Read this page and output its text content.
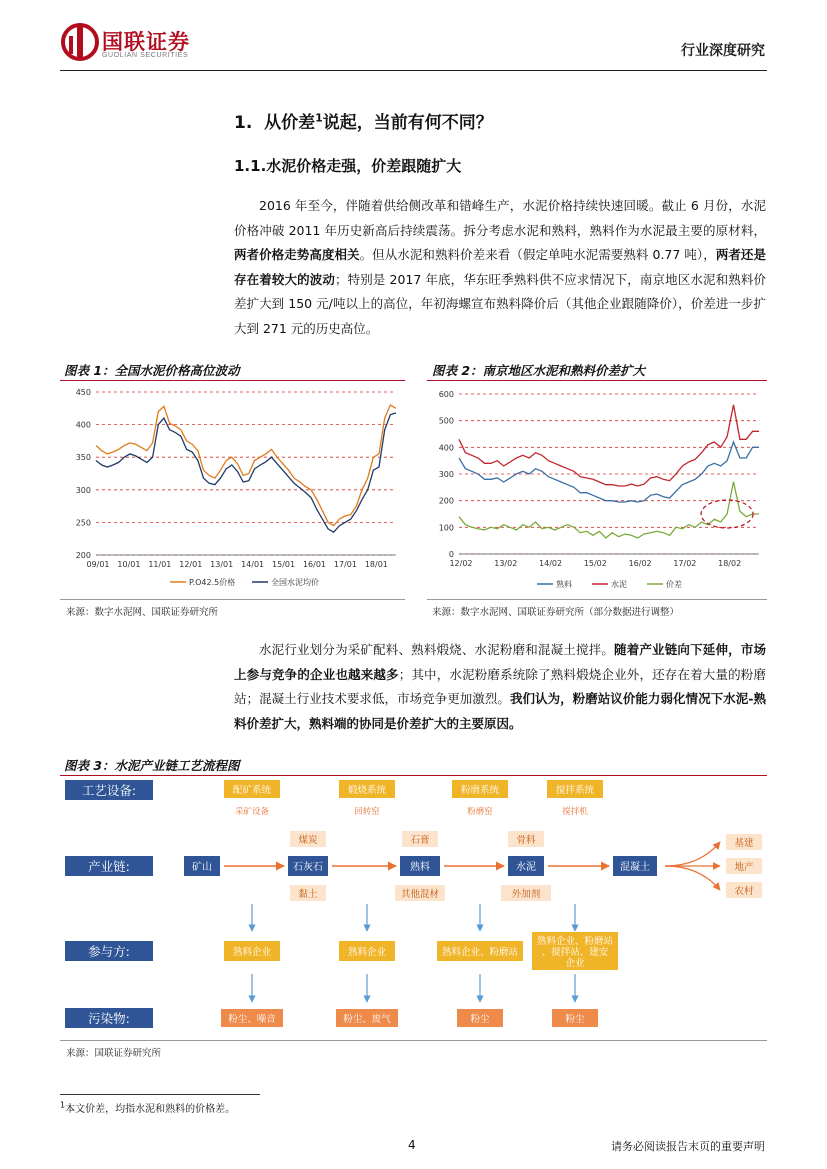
国联证券
GUOLIAN SECURITIES	行业深度研究
1. 从价差$^1$说起，当前有何不同？
1.1.水泥价格走强，价差跟随扩大
2016 年至今，伴随着供给侧改革和错峰生产，水泥价格持续快速回暖。截止 6 月份，水泥价格冲破 2011 年历史新高后持续震荡。拆分考虑水泥和熟料，熟料作为水泥最主要的原材料，两者价格走势高度相关。但从水泥和熟料价差来看（假定单吨水泥需要熟料 0.77 吨），两者还是存在着较大的波动；特别是 2017 年底，华东旺季熟料供不应求情况下，南京地区水泥和熟料价差扩大到 150 元/吨以上的高位，年初海螺宣布熟料降价后（其他企业跟随降价），价差进一步扩大到 271 元的历史高位。
图表 1：全国水泥价格高位波动
200
250
300
350
400
450
09/01 10/01 11/01 12/01 13/01 14/01 15/01 16/01 17/01 18/01
P.O42.5价格	全国水泥均价
来源：数字水泥网、国联证券研究所
图表 2：南京地区水泥和熟料价差扩大
0
100
200
300
400
500
600
12/02	13/02	14/02	15/02	16/02	17/02	18/02
熟料	水泥	价差
来源：数字水泥网、国联证券研究所（部分数据进行调整）
水泥行业划分为采矿配料、熟料煅烧、水泥粉磨和混凝土搅拌。随着产业链向下延伸，市场上参与竞争的企业也越来越多；其中，水泥粉磨系统除了熟料煅烧企业外，还存在着大量的粉磨站；混凝土行业技术要求低，市场竞争更加激烈。我们认为，粉磨站议价能力弱化情况下水泥-熟料价差扩大，熟料端的协同是价差扩大的主要原因。
图表 3：水泥产业链工艺流程图
工艺设备:
产业链:
参与方:
污染物:
配矿系统
采矿设备
煅烧系统
回转窑
粉磨系统
粉磨窑
搅拌系统
搅拌机
矿山	石灰石	熟料	水泥	混凝土
煤炭	石膏	骨料
黏土	其他混材	外加剂
基建
地产
农村
熟料企业	熟料企业	熟料企业、粉磨站
熟料企业、粉磨站
、搅拌站、建安
企业
粉尘、噪音	粉尘、废气	粉尘	粉尘
来源：国联证券研究所
$^1$本文价差，均指水泥和熟料的价格差。
4	请务必阅读报告末页的重要声明
